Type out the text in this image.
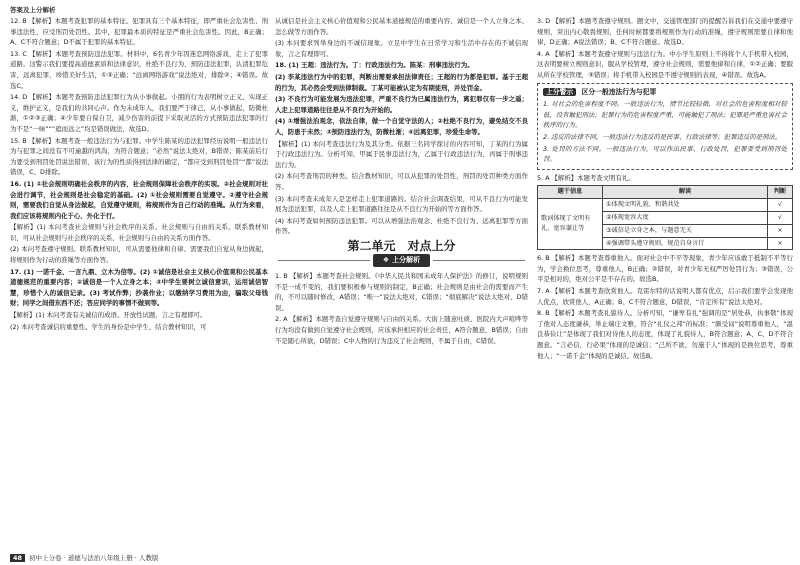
答案及上分解析

12. B 【解析】本题考查犯罪的基本特征。犯罪具有三个基本特征，即严重社会危害性、刑事违法性、应受刑罚处罚性。其中，犯罪最本质的特征是严重社会危害性。因此，B正确；A、C不符合题意；D不属于犯罪的基本特征。

13. C 【解析】本题考查预防违法犯罪。材料中，6名青少年因迷恋网络游戏，走上了犯罪道路。这警示我们要提高道德素质和法律意识，杜绝不良行为，预防违法犯罪，认清犯罪危害，远离犯罪，珍惜美好生活，①③正确；“远离网络游戏”说法绝对，排除②；④错误。故选C。

14. D 【解析】本题考查预防违法犯罪行为从小事做起。小朋的行为表明树立正义、实现正义，维护正义，是我们的共同心声。作为未成年人，我们要严于律己，从小事做起，防微杜渐，①②③正确；④少年要自保自卫，减少伤害的前提下采取灵活的方式预防违法犯罪的行为不是“一味”“”遮而远之”均是错误做法，故选D。

15. B 【解析】本题考查一般违法行为与犯罪。中学生陈某的违法犯罪经历说明一般违法行为与犯罪之间没有不可逾越的鸿沟，为符合题意；“必然”说法太绝对，B错误；陈某前后行为要受到刑罚处罚说法错误，该行为的性质得到法律的确定，“都应受到刑罚处罚”“都”说法错误，C、D排除。

16. (1) ①社会规则明确社会秩序的内容，社会规则保障社会秩序的实现。②社会规则对社会进行调节，社会规则是社会稳定的基础。(2) ①社会规则需要自觉遵守。②遵守社会规则，需要我们自觉从身边做起，自觉遵守规则，将规则作为自己行动的准绳。从行为来看，我们应该将规则内化于心、外化于行。

【解析】(1) 本问考查社会规则与社会秩序的关系、社会规则与自由的关系。联系教材知识，可从社会规则与社会秩序的关系、社会规则与自由的关系方面作答。

(2) 本问考查遵守规则。联系教材知识，可从需要他律和自律、需要我们自觉从身边做起，将规则作为行动的准绳等方面作答。

17. (1) 一诺千金、一言九鼎、立木为信等。(2) ①诚信是社会主义核心价值观和公民基本道德规范的重要内容；②诚信是一个人立身之本；③中学生要树立诚信意识，运用诚信智慧，珍惜个人的诚信记录。(3) 考试作弊；抄袭作业；以缴纳学习费用为由，骗取父母钱财；同学之间借东西不还；答应同学的事情不做到等。

【解析】(1) 本问考查有关诚信的成语。开放性试题，言之有理即可。

(2) 本问考查诚信的重要性。学生的身份是中学生，结合教材知识，可

从诚信是社会主义核心价值观和公民基本道德规范的重要内容、诚信是一个人立身之本、怎么做等方面作答。

(3) 本问要求列举身边的不诚信现象。立足中学生在日常学习和生活中存在的不诚信现象，言之有理即可。

18. (1) 王超：违法行为。丁：行政违法行为。陈某：刑事违法行为。

(2) 李某违法行为中的犯罪，判断出需要承担法律责任；王超的行为都是犯罪。基于王超的行为，其必然会受到法律制裁。丁某可能被认定为有期徒刑，并处罚金。

(3) 不良行为可能发展为违法犯罪，严重不良行为已属违法行为，离犯罪仅有一步之遥；人走上犯罪道路往往是从不良行为开始的。

(4) ①增强法治观念，依法自律，做一个自觉守法的人；②杜绝不良行为，避免结交不良人，防患于未然；③预防违法行为，防微杜渐；④远离犯罪，珍爱生命等。

【解析】(1) 本问考查违法行为及其分类。依据三名同学探讨的内容可知，丁某的行为属于行政违法行为。分析可知，甲属于民事违法行为，乙属于行政违法行为，丙属于刑事违法行为。

(2) 本问考查刑罚的种类。结合教材知识，可以从犯罪的处罚性，刑罚的处罚种类方面作答。

(3) 本问考查未成年人是怎样走上犯罪道路的。结合社会调查结果，可从不良行为可能发展为违法犯罪，以及人走上犯罪道路往往是从不良行为开始的等方面作答。

(4) 本问考查如何预防违法犯罪。可以从增强法治观念、杜绝不良行为、远离犯罪等方面作答。

第二单元　对点上分
❖ 上分解析

1. B 【解析】本题考查社会规则。《中华人民共和国未成年人保护法》的修订，说明规则不是一成不变的，我们要积极参与规则的制定，B正确；社会规则是由社会的需要而产生的，不可以随时修改，A错误；“唯一”说法太绝对，C错误；“彻底解决”说法太绝对，D错误。

2. A 【解析】本题考查自觉遵守规则与自由的关系。大街上随意吐痰、医院内大声喧哗等行为均没有做到自觉遵守社会规则，应该承担相应的社会责任，A符合题意，B错误；自由不是随心所欲，D错误；C中人物的行为违反了社会规则，不属于自由，C错误。

3. D 【解析】本题考查遵守规则。题文中，交通管理部门的提醒告诉我们在交通中要遵守规则，突出内心敬畏规则，任何时候都要将规则作为行动的准绳，遵守规则需要自律和他律，D正确；A说法错误；B、C不符合题意。故选D。

4. A 【解析】本题考查遵守规则与违法行为。中小学生原则上不得将个人手机带入校园，这表明要树立规则意识，服从学校管理，遵守社会规则，需要他律和自律，①②正确；要服从所在学校管理，③错误；将手机带入校园是不遵守规则的表现，④错误。故选A。

上分警示 区分一般违法行为与犯罪

1. 对社会的危害程度不同。一般违法行为，情节比较轻微，对社会的危害程度相对较低，没有触犯刑法；犯罪行为的危害程度严重，可能触犯了刑法；犯罪是严重危害社会秩序的行为。

2. 违反的法律不同。一般违法行为违反的是民事、行政法律等；犯罪违反的是刑法。

3. 处罚的方法不同。一般违法行为，可以作出民事、行政处罚，犯罪要受到刑罚处罚。

5. A 【解析】本题考查文明有礼。

题干信息	解读	判断
歌词体现了文明有礼、宽容谦让等	①体现文明礼貌、和谐共处	√
	②体现宽容大度	√
	③诚信是立身之本，与题意无关	×
	④强调带头遵守规则，规范自身言行	×

6. B 【解析】本题考查尊重他人。面对社会中不平等现象，青少年应该敢于抵制不平等行为，学会换位思考，尊重他人，B正确；②错误，对青少年无权严厉处罚行为；③错误，公平是相对的，绝对公平是不存在的。故选B。

7. A 【解析】本题考查欣赏他人。克雷尔特的话说明人都有优点，启示我们要学会发现他人优点，欣赏他人，A正确；B、C不符合题意，D错误，“肯定所有”说法太绝对。

8. B 【解析】本题考查礼貌待人。分析可知，“谦卑有礼”强调的是“居处恭，执事敬”体现了他对人态度谦恭，举止端庄文雅，符合“礼仪之邦”的标准；“颇受词”说明尊重他人，“温良恭俭让”是体现了我们对待他人的态度，体现了礼貌待人，B符合题意；A、C、D不符合题意。“言必信，行必果”体现的是诚信；“己所不欲，勿施于人”体现的是换位思考，尊重他人；“一诺千金”体现的是诚信。故选B。

48	初中上分卷 · 道德与法治八年级上册 · 人教版
